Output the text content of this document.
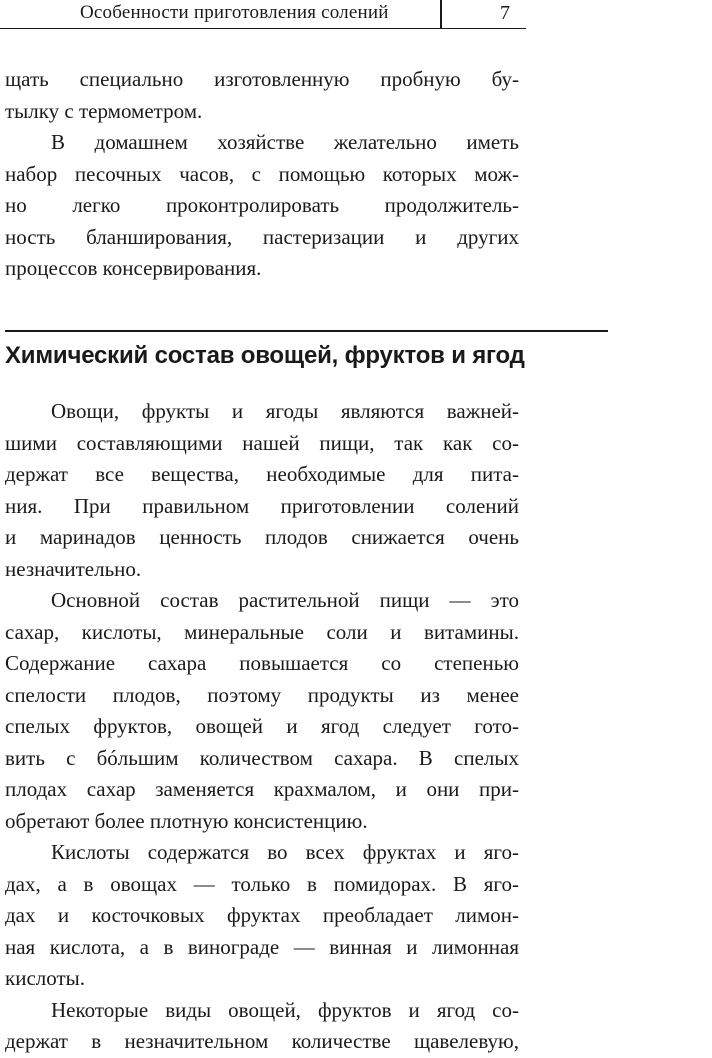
Особенности приготовления солений	7
щать специально изготовленную пробную бу-
тылку с термометром.
В домашнем хозяйстве желательно иметь
набор песочных часов, с помощью которых мож-
но легко проконтролировать продолжитель-
ность бланширования, пастеризации и других
процессов консервирования.
Химический состав овощей, фруктов и ягод
Овощи, фрукты и ягоды являются важней-
шими составляющими нашей пищи, так как со-
держат все вещества, необходимые для пита-
ния. При правильном приготовлении солений
и маринадов ценность плодов снижается очень
незначительно.
Основной состав растительной пищи — это
сахар, кислоты, минеральные соли и витамины.
Содержание сахара повышается со степенью
спелости плодов, поэтому продукты из менее
спелых фруктов, овощей и ягод следует гото-
вить с бóльшим количеством сахара. В спелых
плодах сахар заменяется крахмалом, и они при-
обретают более плотную консистенцию.
Кислоты содержатся во всех фруктах и яго-
дах, а в овощах — только в помидорах. В яго-
дах и косточковых фруктах преобладает лимон-
ная кислота, а в винограде — винная и лимонная
кислоты.
Некоторые виды овощей, фруктов и ягод со-
держат в незначительном количестве щавелевую,
